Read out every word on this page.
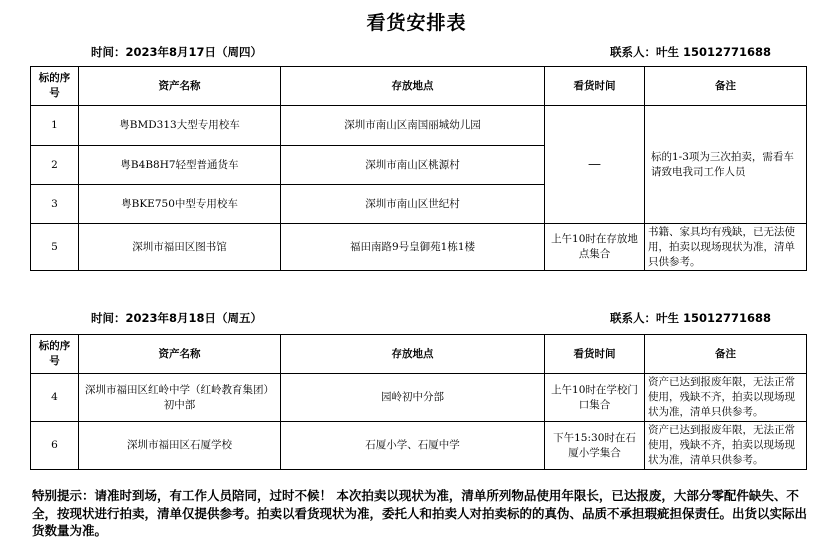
看货安排表
时间：2023年8月17日（周四）	联系人：叶生 15012771688
标的序号	资产名称	存放地点	看货时间	备注
1	粤BMD313大型专用校车	深圳市南山区南国丽城幼儿园	—	标的1-3项为三次拍卖，需看车请致电我司工作人员
2	粤B4B8H7轻型普通货车	深圳市南山区桃源村		
3	粤BKE750中型专用校车	深圳市南山区世纪村		
5	深圳市福田区图书馆	福田南路9号皇御苑1栋1楼	上午10时在存放地点集合	书籍、家具均有残缺，已无法使用，拍卖以现场现状为准，清单只供参考。
时间：2023年8月18日（周五）	联系人：叶生 15012771688
标的序号	资产名称	存放地点	看货时间	备注
4	深圳市福田区红岭中学（红岭教育集团）初中部	园岭初中分部	上午10时在学校门口集合	资产已达到报废年限，无法正常使用，残缺不齐，拍卖以现场现状为准，清单只供参考。
6	深圳市福田区石厦学校	石厦小学、石厦中学	下午15:30时在石厦小学集合	资产已达到报废年限，无法正常使用，残缺不齐，拍卖以现场现状为准，清单只供参考。
特别提示：请准时到场，有工作人员陪同，过时不候！ 本次拍卖以现状为准，清单所列物品使用年限长，已达报废，大部分零配件缺失、不全，按现状进行拍卖，清单仅提供参考。拍卖以看货现状为准，委托人和拍卖人对拍卖标的的真伪、品质不承担瑕疵担保责任。出货以实际出货数量为准。
